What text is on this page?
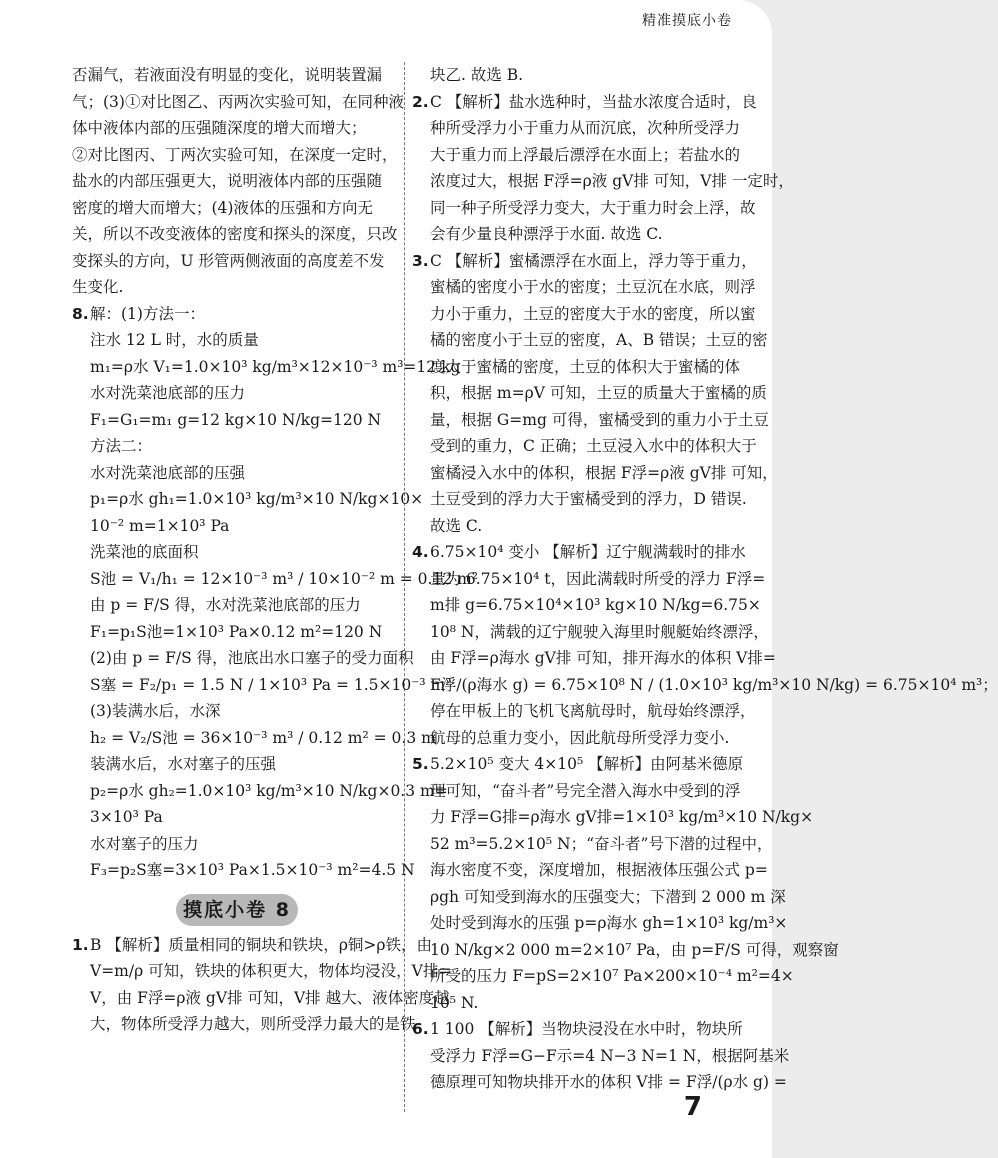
精准摸底小卷
否漏气，若液面没有明显的变化，说明装置漏
气；(3)①对比图乙、丙两次实验可知，在同种液
体中液体内部的压强随深度的增大而增大；
②对比图丙、丁两次实验可知，在深度一定时，
盐水的内部压强更大，说明液体内部的压强随
密度的增大而增大；(4)液体的压强和方向无
关，所以不改变液体的密度和探头的深度，只改
变探头的方向，U 形管两侧液面的高度差不发
生变化.
8.解：(1)方法一：
注水 12 L 时，水的质量
m₁=ρ水 V₁=1.0×10³ kg/m³×12×10⁻³ m³=12 kg
水对洗菜池底部的压力
F₁=G₁=m₁ g=12 kg×10 N/kg=120 N
方法二：
水对洗菜池底部的压强
p₁=ρ水 gh₁=1.0×10³ kg/m³×10 N/kg×10×
10⁻² m=1×10³ Pa
洗菜池的底面积
S池 = V₁/h₁ = 12×10⁻³ m³ / 10×10⁻² m = 0.12 m²
由 p = F/S 得，水对洗菜池底部的压力
F₁=p₁S池=1×10³ Pa×0.12 m²=120 N
(2)由 p = F/S 得，池底出水口塞子的受力面积
S塞 = F₂/p₁ = 1.5 N / 1×10³ Pa = 1.5×10⁻³ m²
(3)装满水后，水深
h₂ = V₂/S池 = 36×10⁻³ m³ / 0.12 m² = 0.3 m
装满水后，水对塞子的压强
p₂=ρ水 gh₂=1.0×10³ kg/m³×10 N/kg×0.3 m=
3×10³ Pa
水对塞子的压力
F₃=p₂S塞=3×10³ Pa×1.5×10⁻³ m²=4.5 N
摸底小卷 8
1.B 【解析】质量相同的铜块和铁块，ρ铜>ρ铁，由
V=m/ρ 可知，铁块的体积更大，物体均浸没，V排=
V，由 F浮=ρ液 gV排 可知，V排 越大、液体密度越
大，物体所受浮力越大，则所受浮力最大的是铁
块乙. 故选 B.
2.C 【解析】盐水选种时，当盐水浓度合适时，良
种所受浮力小于重力从而沉底，次种所受浮力
大于重力而上浮最后漂浮在水面上；若盐水的
浓度过大，根据 F浮=ρ液 gV排 可知，V排 一定时，
同一种子所受浮力变大，大于重力时会上浮，故
会有少量良种漂浮于水面. 故选 C.
3.C 【解析】蜜橘漂浮在水面上，浮力等于重力，
蜜橘的密度小于水的密度；土豆沉在水底，则浮
力小于重力，土豆的密度大于水的密度，所以蜜
橘的密度小于土豆的密度，A、B 错误；土豆的密
度大于蜜橘的密度，土豆的体积大于蜜橘的体
积，根据 m=ρV 可知，土豆的质量大于蜜橘的质
量，根据 G=mg 可得，蜜橘受到的重力小于土豆
受到的重力，C 正确；土豆浸入水中的体积大于
蜜橘浸入水中的体积，根据 F浮=ρ液 gV排 可知，
土豆受到的浮力大于蜜橘受到的浮力，D 错误.
故选 C.
4.6.75×10⁴ 变小 【解析】辽宁舰满载时的排水
量为 6.75×10⁴ t，因此满载时所受的浮力 F浮=
m排 g=6.75×10⁴×10³ kg×10 N/kg=6.75×
10⁸ N，满载的辽宁舰驶入海里时舰艇始终漂浮，
由 F浮=ρ海水 gV排 可知，排开海水的体积 V排=
F浮/(ρ海水 g) = 6.75×10⁸ N / (1.0×10³ kg/m³×10 N/kg) = 6.75×10⁴ m³；
停在甲板上的飞机飞离航母时，航母始终漂浮，
航母的总重力变小，因此航母所受浮力变小.
5.5.2×10⁵ 变大 4×10⁵ 【解析】由阿基米德原
理可知，“奋斗者”号完全潜入海水中受到的浮
力 F浮=G排=ρ海水 gV排=1×10³ kg/m³×10 N/kg×
52 m³=5.2×10⁵ N；“奋斗者”号下潜的过程中，
海水密度不变，深度增加，根据液体压强公式 p=
ρgh 可知受到海水的压强变大；下潜到 2 000 m 深
处时受到海水的压强 p=ρ海水 gh=1×10³ kg/m³×
10 N/kg×2 000 m=2×10⁷ Pa，由 p=F/S 可得，观察窗
所受的压力 F=pS=2×10⁷ Pa×200×10⁻⁴ m²=4×
10⁵ N.
6.1 100 【解析】当物块浸没在水中时，物块所
受浮力 F浮=G−F示=4 N−3 N=1 N，根据阿基米
德原理可知物块排开水的体积 V排 = F浮/(ρ水 g) =
7
